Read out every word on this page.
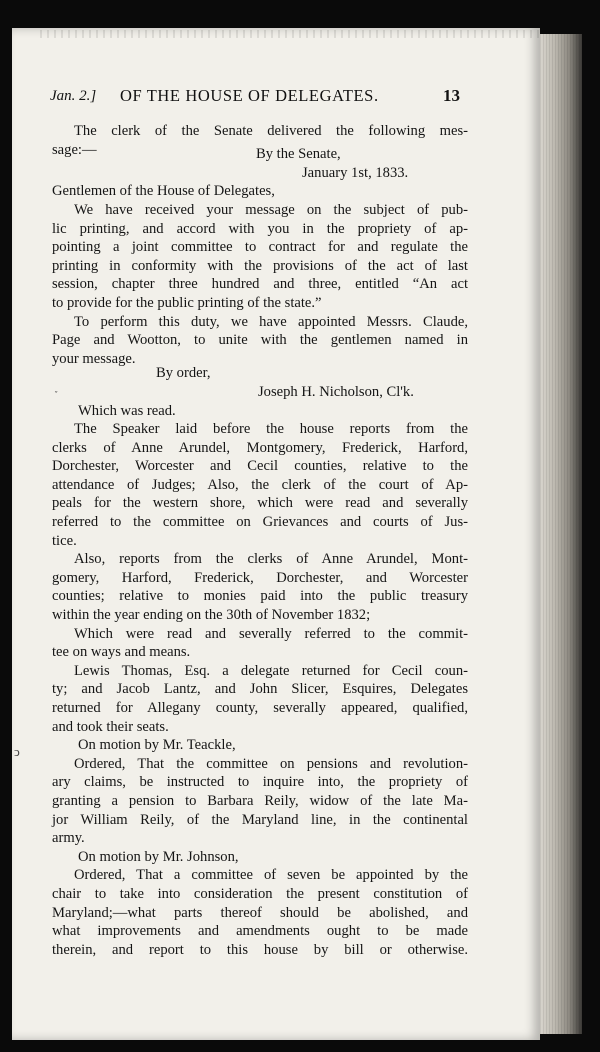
Jan. 2.] OF THE HOUSE OF DELEGATES.	13
The clerk of the Senate delivered the following mes-
sage:—	By the Senate,
January 1st, 1833.
Gentlemen of the House of Delegates,
We have received your message on the subject of pub-
lic printing, and accord with you in the propriety of ap-
pointing a joint committee to contract for and regulate the
printing in conformity with the provisions of the act of last
session, chapter three hundred and three, entitled “An act
to provide for the public printing of the state.”
To perform this duty, we have appointed Messrs. Claude,
Page and Wootton, to unite with the gentlemen named in
your message.
By order,
Joseph H. Nicholson, Cl'k.
Which was read.
The Speaker laid before the house reports from the
clerks of Anne Arundel, Montgomery, Frederick, Harford,
Dorchester, Worcester and Cecil counties, relative to the
attendance of Judges; Also, the clerk of the court of Ap-
peals for the western shore, which were read and severally
referred to the committee on Grievances and courts of Jus-
tice.
Also, reports from the clerks of Anne Arundel, Mont-
gomery, Harford, Frederick, Dorchester, and Worcester
counties; relative to monies paid into the public treasury
within the year ending on the 30th of November 1832;
Which were read and severally referred to the commit-
tee on ways and means.
Lewis Thomas, Esq. a delegate returned for Cecil coun-
ty; and Jacob Lantz, and John Slicer, Esquires, Delegates
returned for Allegany county, severally appeared, qualified,
and took their seats.
On motion by Mr. Teackle,
Ordered, That the committee on pensions and revolution-
ary claims, be instructed to inquire into, the propriety of
granting a pension to Barbara Reily, widow of the late Ma-
jor William Reily, of the Maryland line, in the continental
army.
On motion by Mr. Johnson,
Ordered, That a committee of seven be appointed by the
chair to take into consideration the present constitution of
Maryland;—what parts thereof should be abolished, and
what improvements and amendments ought to be made
therein, and report to this house by bill or otherwise.
˯
ↄ
